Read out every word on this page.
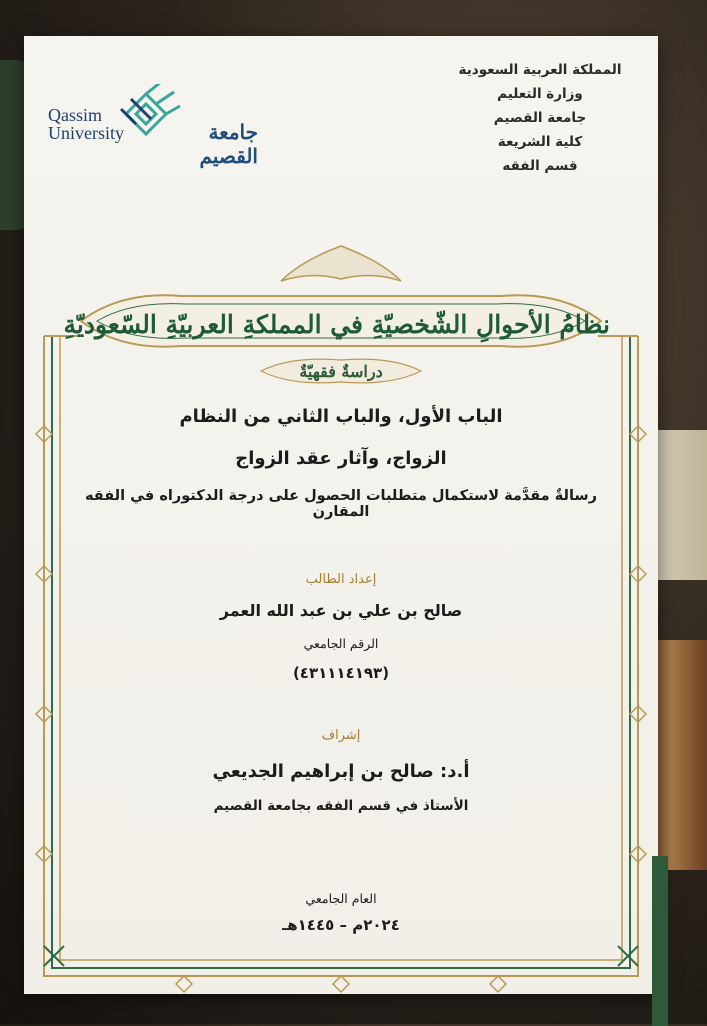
المملكة العربية السعودية
وزارة التعليم
جامعة القصيم
كلية الشريعة
قسم الفقه
Qassim
University	جامعة القصيم
نظامُ الأحوالِ الشّخصيّةِ في المملكةِ العربيّةِ السّعوديّةِ
دراسةٌ فقهيّةٌ
الباب الأول، والباب الثاني من النظام
الزواج، وآثار عقد الزواج
رسالةٌ مقدَّمة لاستكمال متطلبات الحصول على درجة الدكتوراه في الفقه المقارن
إعداد الطالب
صالح بن علي بن عبد الله العمر
الرقم الجامعي
(٤٣١١١٤١٩٣)
إشراف
أ.د: صالح بن إبراهيم الجديعي
الأستاذ في قسم الفقه بجامعة القصيم
العام الجامعي
٢٠٢٤م – ١٤٤٥هـ
